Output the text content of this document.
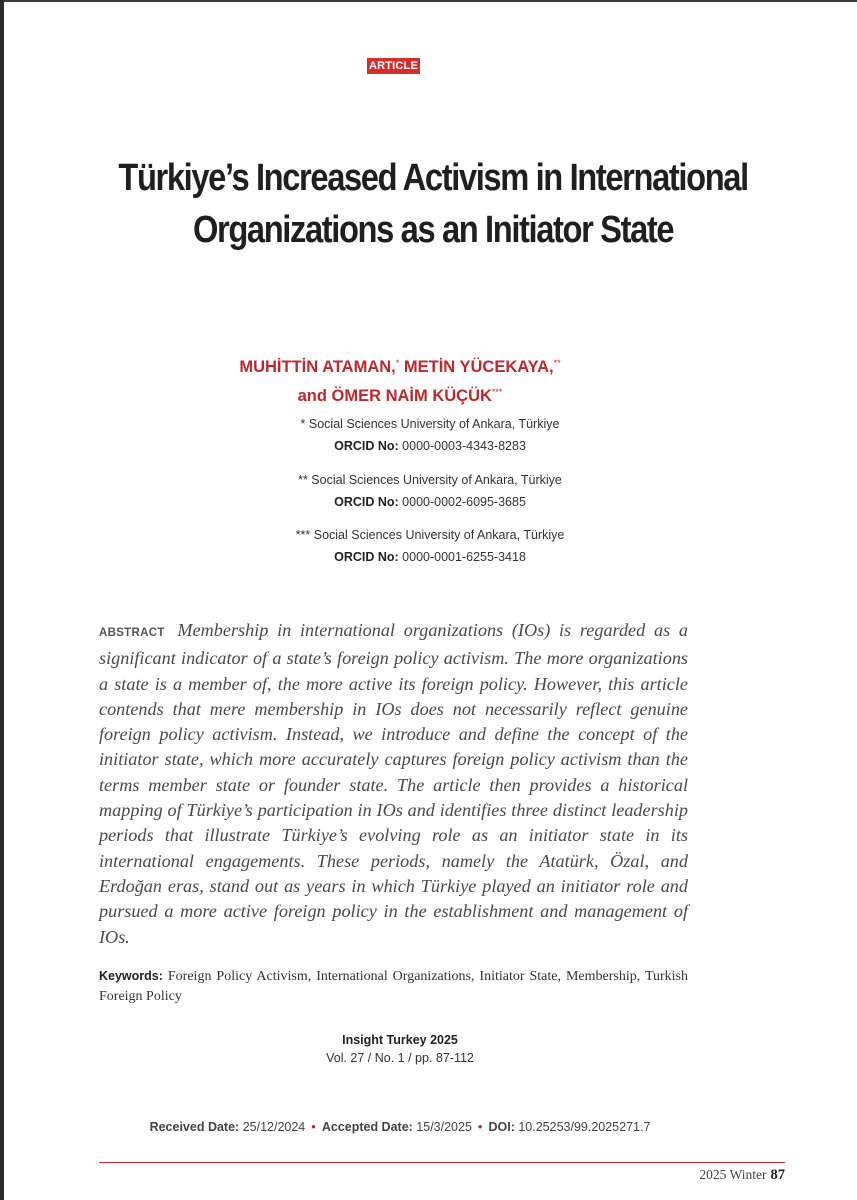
ARTICLE
Türkiye’s Increased Activism in International Organizations as an Initiator State

MUHİTTİN ATAMAN,* METİN YÜCEKAYA,**
and ÖMER NAİM KÜÇÜK***

* Social Sciences University of Ankara, Türkiye
ORCID No: 0000-0003-4343-8283
** Social Sciences University of Ankara, Türkiye
ORCID No: 0000-0002-6095-3685
*** Social Sciences University of Ankara, Türkiye
ORCID No: 0000-0001-6255-3418

ABSTRACT Membership in international organizations (IOs) is regarded as a significant indicator of a state’s foreign policy activism. The more organizations a state is a member of, the more active its foreign policy. However, this article contends that mere membership in IOs does not necessarily reflect genuine foreign policy activism. Instead, we introduce and define the concept of the initiator state, which more accurately captures foreign policy activism than the terms member state or founder state. The article then provides a historical mapping of Türkiye’s participation in IOs and identifies three distinct leadership periods that illustrate Türkiye’s evolving role as an initiator state in its international engagements. These periods, namely the Atatürk, Özal, and Erdoğan eras, stand out as years in which Türkiye played an initiator role and pursued a more active foreign policy in the establishment and management of IOs.

Keywords: Foreign Policy Activism, International Organizations, Initiator State, Membership, Turkish Foreign Policy

Insight Turkey 2025
Vol. 27 / No. 1 / pp. 87-112
Received Date: 25/12/2024 • Accepted Date: 15/3/2025 • DOI: 10.25253/99.2025271.7
2025 Winter 87
